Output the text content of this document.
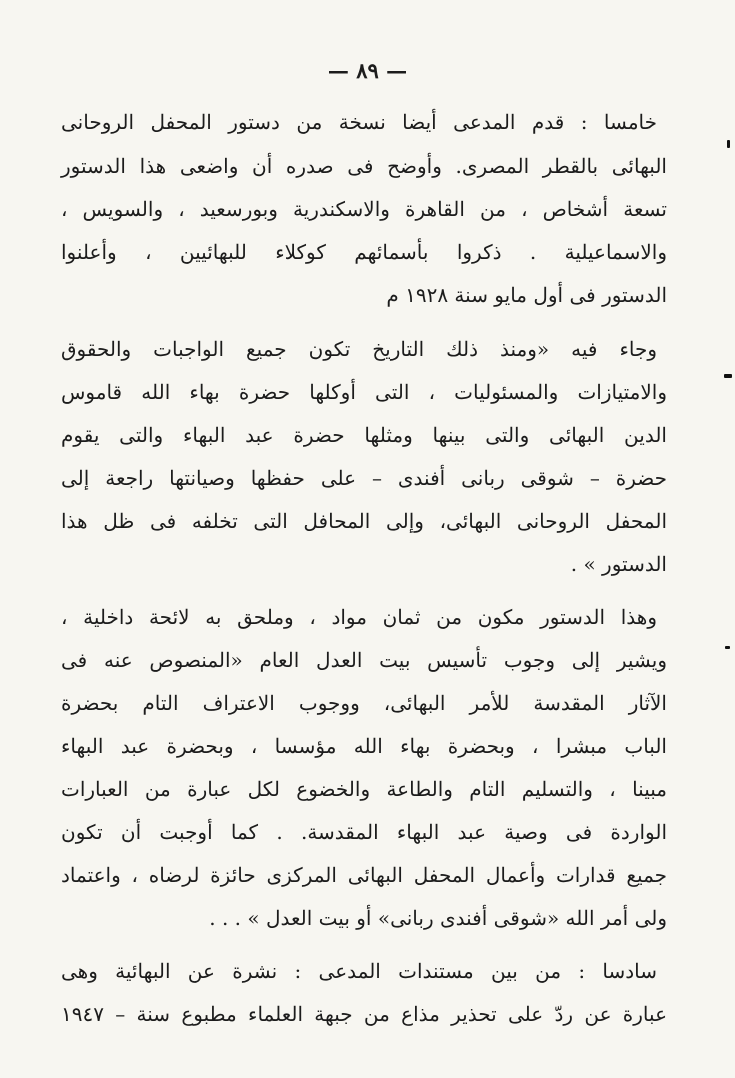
— ٨٩ —
خامسا : قدم المدعى أيضا نسخة من دستور المحفل الروحانى
البهائى بالقطر المصرى. وأوضح فى صدره أن واضعى هذا الدستور
تسعة أشخاص ، من القاهرة والاسكندرية وبورسعيد ، والسويس ،
والاسماعيلية . ذكروا بأسمائهم كوكلاء للبهائيين ، وأعلنوا
الدستور فى أول مايو سنة ١٩٢٨ م
وجاء فيه «ومنذ ذلك التاريخ تكون جميع الواجبات والحقوق
والامتيازات والمسئوليات ، التى أوكلها حضرة بهاء الله قاموس
الدين البهائى والتى بينها ومثلها حضرة عبد البهاء والتى يقوم
حضرة – شوقى ربانى أفندى – على حفظها وصيانتها راجعة إلى
المحفل الروحانى البهائى، وإلى المحافل التى تخلفه فى ظل هذا
الدستور » .
وهذا الدستور مكون من ثمان مواد ، وملحق به لائحة داخلية ،
ويشير إلى وجوب تأسيس بيت العدل العام «المنصوص عنه فى
الآثار المقدسة للأمر البهائى، ووجوب الاعتراف التام بحضرة
الباب مبشرا ، وبحضرة بهاء الله مؤسسا ، وبحضرة عبد البهاء
مبينا ، والتسليم التام والطاعة والخضوع لكل عبارة من العبارات
الواردة فى وصية عبد البهاء المقدسة. . كما أوجبت أن تكون
جميع قدارات وأعمال المحفل البهائى المركزى حائزة لرضاه ، واعتماد
ولى أمر الله «شوقى أفندى ربانى» أو بيت العدل » . . .
سادسا : من بين مستندات المدعى : نشرة عن البهائية وهى
عبارة عن ردّ على تحذير مذاع من جبهة العلماء مطبوع سنة – ١٩٤٧
